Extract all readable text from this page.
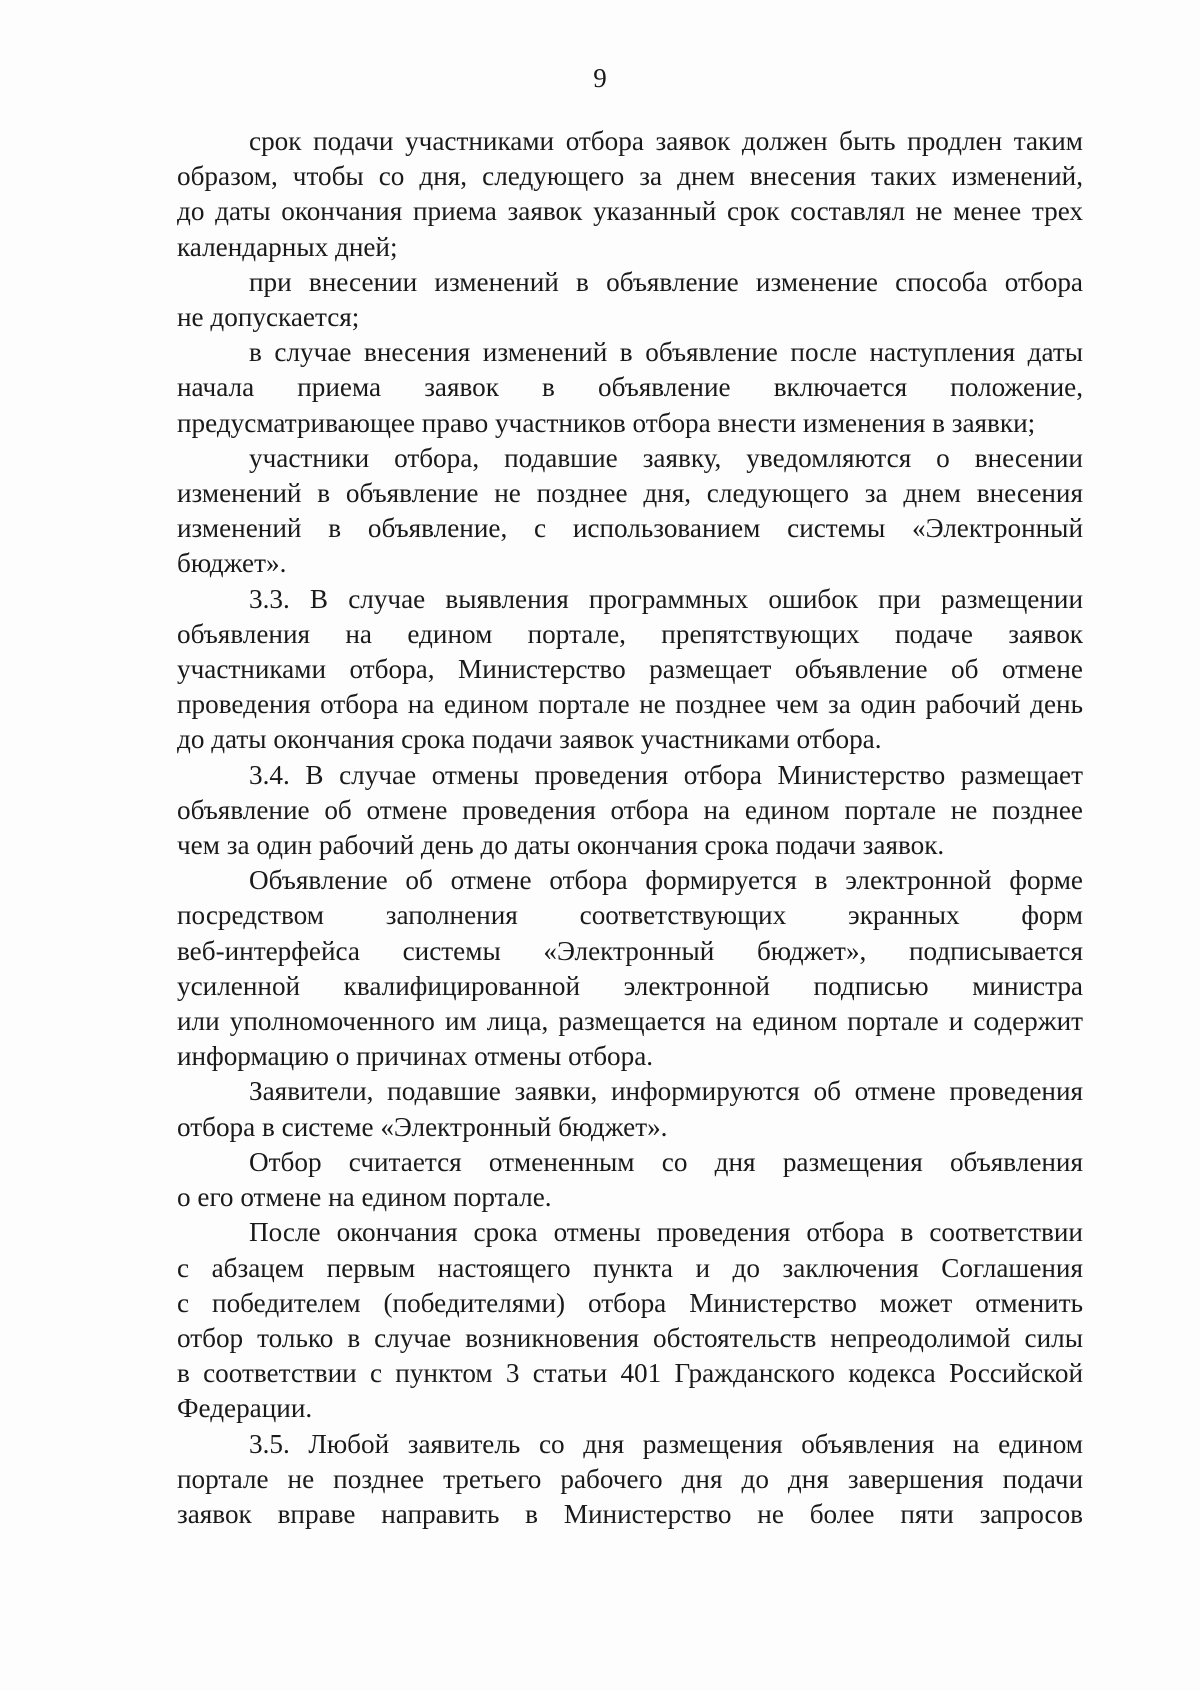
9
срок подачи участниками отбора заявок должен быть продлен таким
образом, чтобы со дня, следующего за днем внесения таких изменений,
до даты окончания приема заявок указанный срок составлял не менее трех
календарных дней;
при внесении изменений в объявление изменение способа отбора
не допускается;
в случае внесения изменений в объявление после наступления даты
начала приема заявок в объявление включается положение,
предусматривающее право участников отбора внести изменения в заявки;
участники отбора, подавшие заявку, уведомляются о внесении
изменений в объявление не позднее дня, следующего за днем внесения
изменений в объявление, с использованием системы «Электронный
бюджет».
3.3. В случае выявления программных ошибок при размещении
объявления на едином портале, препятствующих подаче заявок
участниками отбора, Министерство размещает объявление об отмене
проведения отбора на едином портале не позднее чем за один рабочий день
до даты окончания срока подачи заявок участниками отбора.
3.4. В случае отмены проведения отбора Министерство размещает
объявление об отмене проведения отбора на едином портале не позднее
чем за один рабочий день до даты окончания срока подачи заявок.
Объявление об отмене отбора формируется в электронной форме
посредством заполнения соответствующих экранных форм
веб-интерфейса системы «Электронный бюджет», подписывается
усиленной квалифицированной электронной подписью министра
или уполномоченного им лица, размещается на едином портале и содержит
информацию о причинах отмены отбора.
Заявители, подавшие заявки, информируются об отмене проведения
отбора в системе «Электронный бюджет».
Отбор считается отмененным со дня размещения объявления
о его отмене на едином портале.
После окончания срока отмены проведения отбора в соответствии
с абзацем первым настоящего пункта и до заключения Соглашения
с победителем (победителями) отбора Министерство может отменить
отбор только в случае возникновения обстоятельств непреодолимой силы
в соответствии с пунктом 3 статьи 401 Гражданского кодекса Российской
Федерации.
3.5. Любой заявитель со дня размещения объявления на едином
портале не позднее третьего рабочего дня до дня завершения подачи
заявок вправе направить в Министерство не более пяти запросов
